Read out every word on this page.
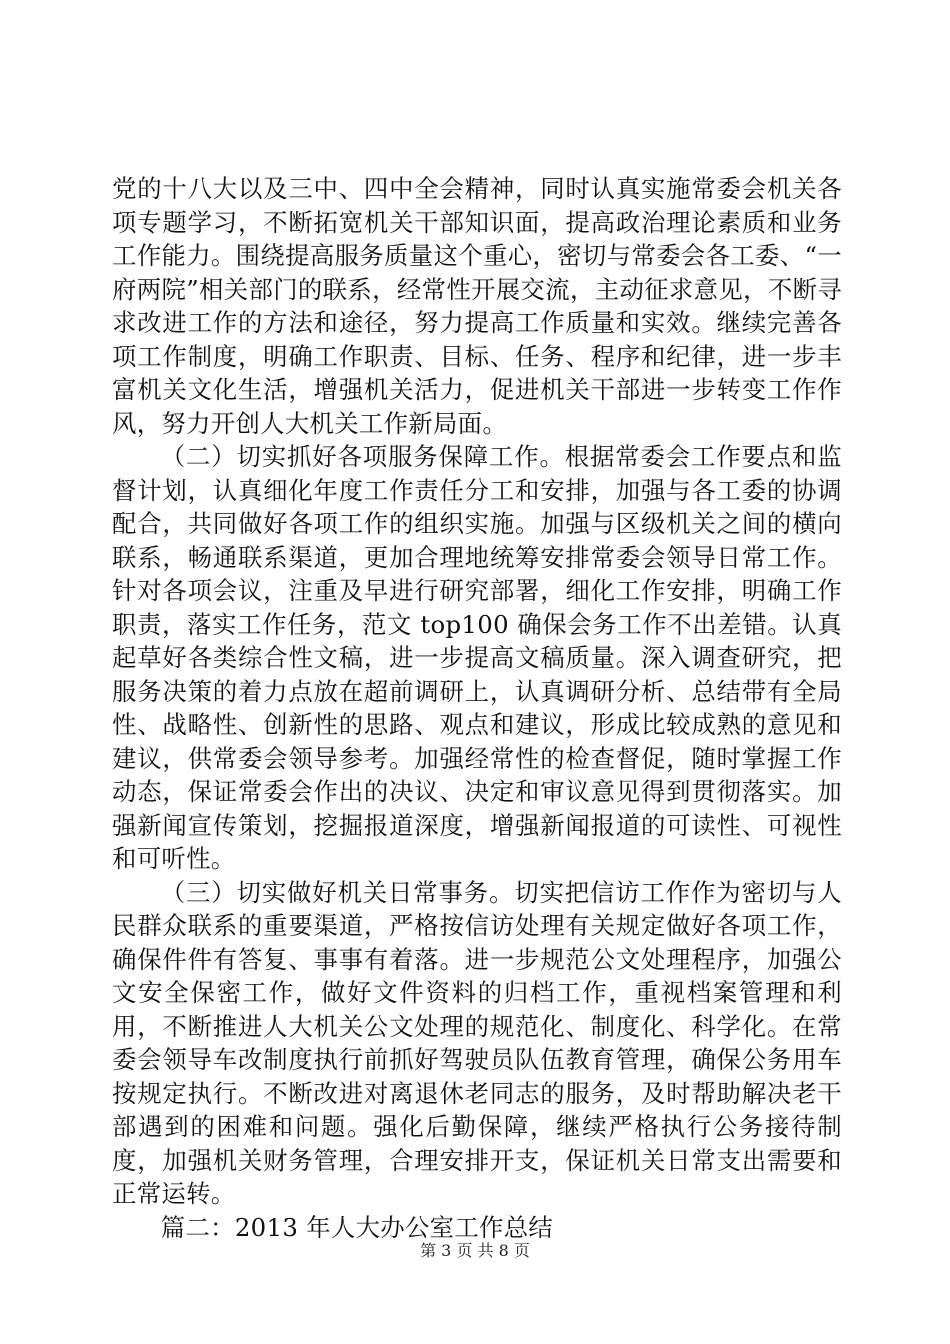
党的十八大以及三中、四中全会精神，同时认真实施常委会机关各项专题学习，不断拓宽机关干部知识面，提高政治理论素质和业务工作能力。围绕提高服务质量这个重心，密切与常委会各工委、“一府两院”相关部门的联系，经常性开展交流，主动征求意见，不断寻求改进工作的方法和途径，努力提高工作质量和实效。继续完善各项工作制度，明确工作职责、目标、任务、程序和纪律，进一步丰富机关文化生活，增强机关活力，促进机关干部进一步转变工作作风，努力开创人大机关工作新局面。

（二）切实抓好各项服务保障工作。根据常委会工作要点和监督计划，认真细化年度工作责任分工和安排，加强与各工委的协调配合，共同做好各项工作的组织实施。加强与区级机关之间的横向联系，畅通联系渠道，更加合理地统筹安排常委会领导日常工作。针对各项会议，注重及早进行研究部署，细化工作安排，明确工作职责，落实工作任务，范文 top100 确保会务工作不出差错。认真起草好各类综合性文稿，进一步提高文稿质量。深入调查研究，把服务决策的着力点放在超前调研上，认真调研分析、总结带有全局性、战略性、创新性的思路、观点和建议，形成比较成熟的意见和建议，供常委会领导参考。加强经常性的检查督促，随时掌握工作动态，保证常委会作出的决议、决定和审议意见得到贯彻落实。加强新闻宣传策划，挖掘报道深度，增强新闻报道的可读性、可视性和可听性。

（三）切实做好机关日常事务。切实把信访工作作为密切与人民群众联系的重要渠道，严格按信访处理有关规定做好各项工作，确保件件有答复、事事有着落。进一步规范公文处理程序，加强公文安全保密工作，做好文件资料的归档工作，重视档案管理和利用，不断推进人大机关公文处理的规范化、制度化、科学化。在常委会领导车改制度执行前抓好驾驶员队伍教育管理，确保公务用车按规定执行。不断改进对离退休老同志的服务，及时帮助解决老干部遇到的困难和问题。强化后勤保障，继续严格执行公务接待制度，加强机关财务管理，合理安排开支，保证机关日常支出需要和正常运转。

篇二：2013 年人大办公室工作总结

第 3 页 共 8 页
